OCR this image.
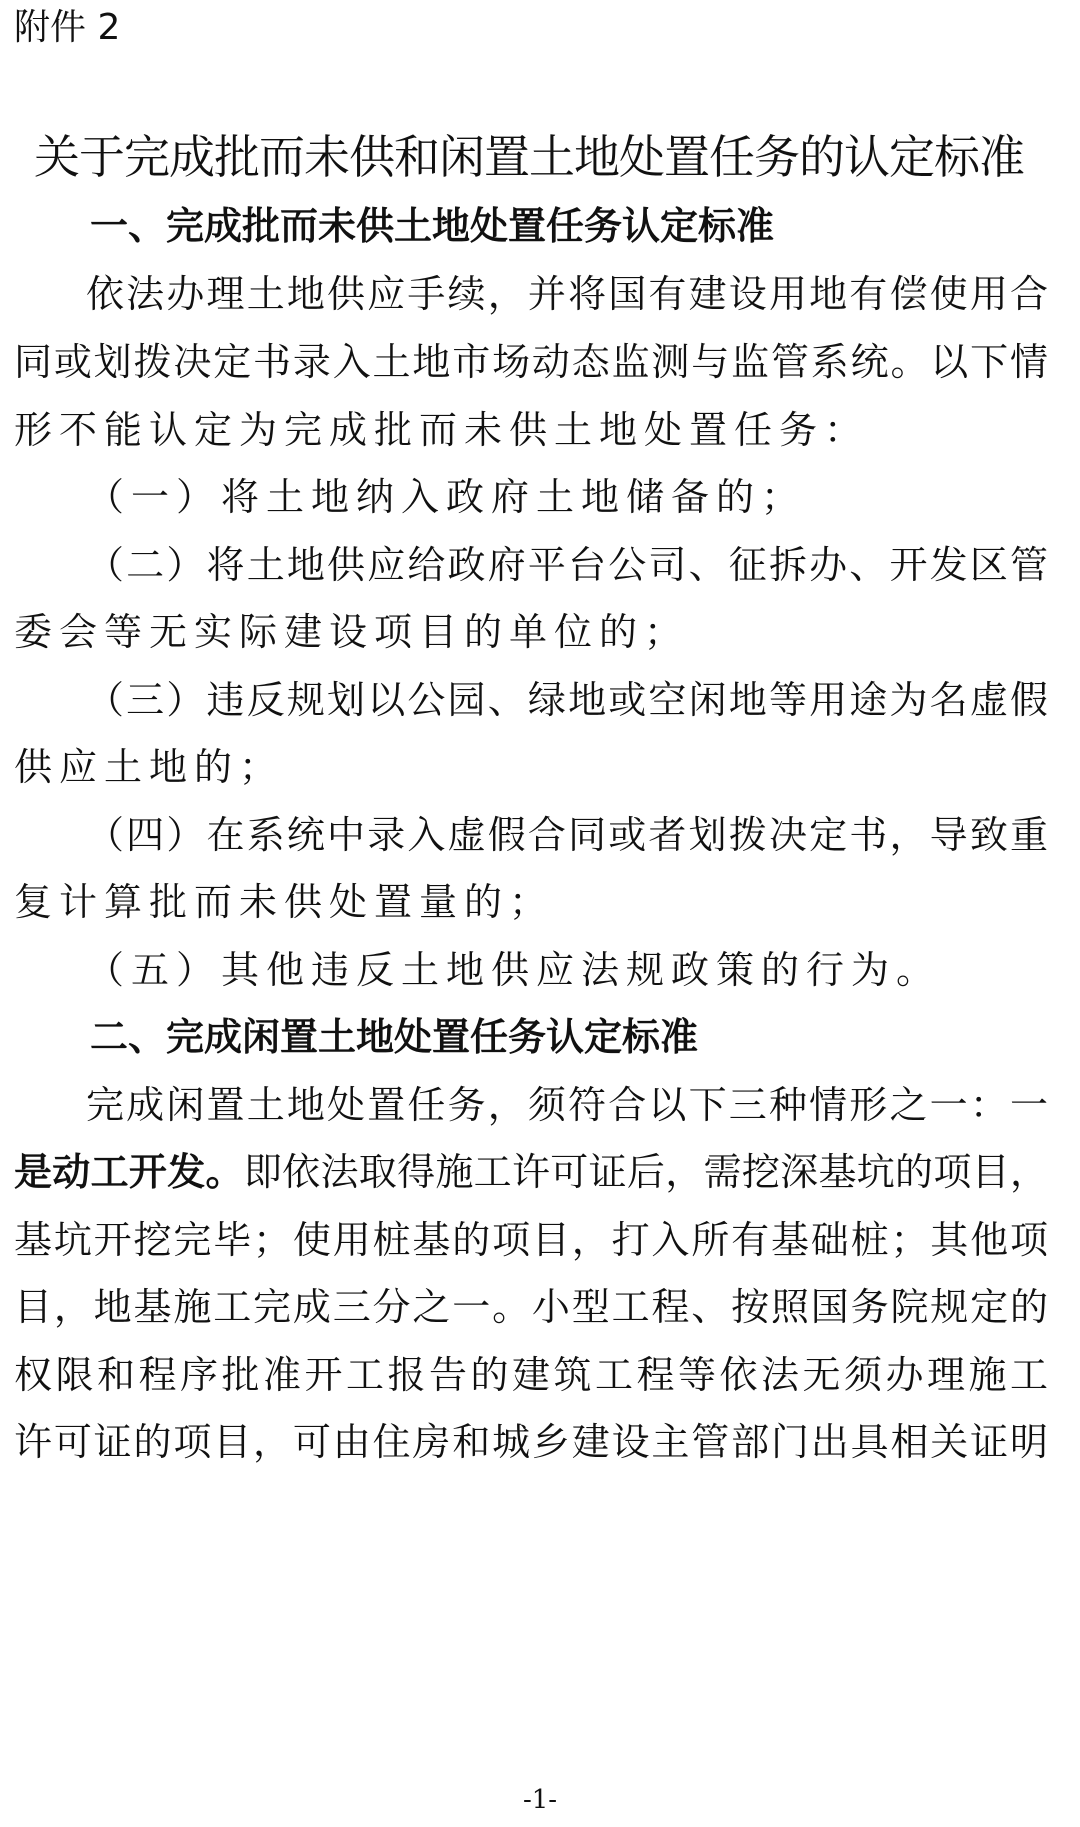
附件 2
关于完成批而未供和闲置土地处置任务的认定标准
一、完成批而未供土地处置任务认定标准
依法办理土地供应手续，并将国有建设用地有偿使用合
同或划拨决定书录入土地市场动态监测与监管系统。以下情
形不能认定为完成批而未供土地处置任务：
（一）将土地纳入政府土地储备的；
（二）将土地供应给政府平台公司、征拆办、开发区管
委会等无实际建设项目的单位的；
（三）违反规划以公园、绿地或空闲地等用途为名虚假
供应土地的；
（四）在系统中录入虚假合同或者划拨决定书，导致重
复计算批而未供处置量的；
（五）其他违反土地供应法规政策的行为。
二、完成闲置土地处置任务认定标准
完成闲置土地处置任务，须符合以下三种情形之一：一
是动工开发。即依法取得施工许可证后，需挖深基坑的项目，
基坑开挖完毕；使用桩基的项目，打入所有基础桩；其他项
目，地基施工完成三分之一。小型工程、按照国务院规定的
权限和程序批准开工报告的建筑工程等依法无须办理施工
许可证的项目，可由住房和城乡建设主管部门出具相关证明
-1-
